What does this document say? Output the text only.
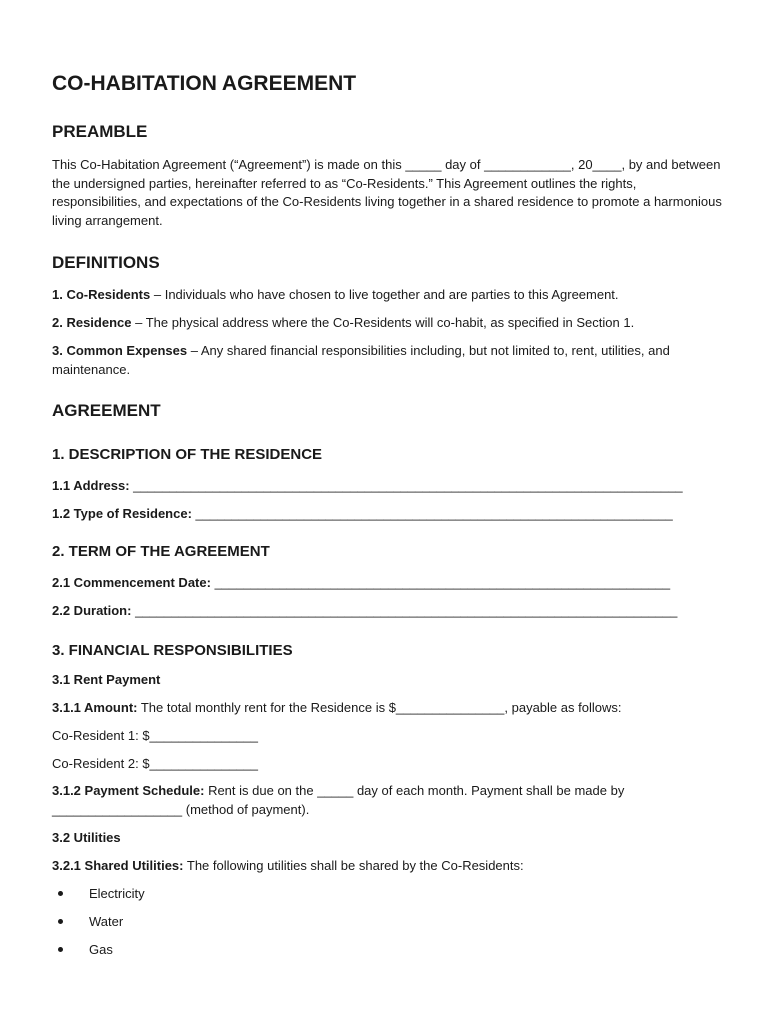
CO-HABITATION AGREEMENT
PREAMBLE

This Co-Habitation Agreement (“Agreement”) is made on this _____ day of ____________, 20____, by and between the undersigned parties, hereinafter referred to as “Co-Residents.” This Agreement outlines the rights, responsibilities, and expectations of the Co-Residents living together in a shared residence to promote a harmonious living arrangement.

DEFINITIONS

1. Co-Residents – Individuals who have chosen to live together and are parties to this Agreement.

2. Residence – The physical address where the Co-Residents will co-habit, as specified in Section 1.

3. Common Expenses – Any shared financial responsibilities including, but not limited to, rent, utilities, and maintenance.

AGREEMENT
1. DESCRIPTION OF THE RESIDENCE
1.1 Address: ____________________________________________________________________________
1.2 Type of Residence: __________________________________________________________________
2. TERM OF THE AGREEMENT
2.1 Commencement Date: _______________________________________________________________
2.2 Duration: ___________________________________________________________________________
3. FINANCIAL RESPONSIBILITIES
3.1 Rent Payment
3.1.1 Amount: The total monthly rent for the Residence is $_______________, payable as follows:
Co-Resident 1: $_______________
Co-Resident 2: $_______________

3.1.2 Payment Schedule: Rent is due on the _____ day of each month. Payment shall be made by __________________ (method of payment).

3.2 Utilities
3.2.1 Shared Utilities: The following utilities shall be shared by the Co-Residents:
Electricity
Water
Gas
